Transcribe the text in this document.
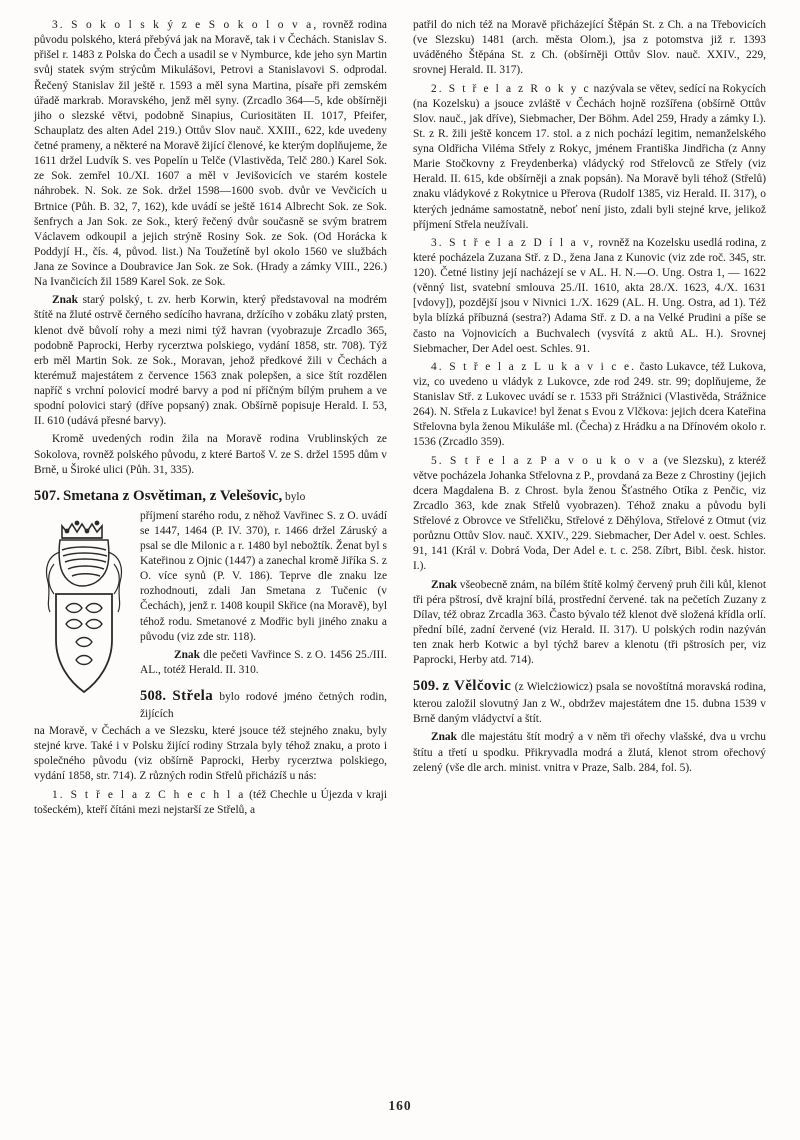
3. S o k o l s k ý z e S o k o l o v a, rovněž rodina původu polského, která přebývá jak na Moravě, tak i v Čechách. Stanislav S. přišel r. 1483 z Polska do Čech a usadil se v Nymburce, kde jeho syn Martin svůj statek svým strýcům Mikulášovi, Petrovi a Stanislavovi S. odprodal. Řečený Stanislav žil ještě r. 1593 a měl syna Martina, písaře při zemském úřadě markrab. Moravského, jenž měl syny. (Zrcadlo 364—5, kde obšírněji jiho o slezské větvi, podobně Sinapius, Curiositäten II. 1017, Pfeifer, Schauplatz des alten Adel 219.) Ottův Slov nauč. XXIII., 622, kde uvedeny četné prameny, a některé na Moravě žijící členové, ke kterým doplňujeme, že 1611 držel Ludvík S. ves Popelín u Telče (Vlastivěda, Telč 280.) Karel Sok. ze Sok. zemřel 10./XI. 1607 a měl v Jevišovicích ve starém kostele náhrobek. N. Sok. ze Sok. držel 1598—1600 svob. dvůr ve Vevčicích u Brtnice (Půh. B. 32, 7, 162), kde uvádí se ještě 1614 Albrecht Sok. ze Sok. šenfrych a Jan Sok. ze Sok., který řečený dvůr současně se svým bratrem Václavem odkoupil a jejich strýně Rosiny Sok. ze Sok. (Od Horácka k Poddyjí H., čís. 4, původ. list.) Na Toužetíně byl okolo 1560 ve službách Jana ze Sovince a Doubravice Jan Sok. ze Sok. (Hrady a zámky VIII., 226.) Na Ivančicích žil 1589 Karel Sok. ze Sok.

Znak starý polský, t. zv. herb Korwin, který představoval na modrém štítě na žluté ostrvě černého sedícího havrana, držícího v zobáku zlatý prsten, klenot dvě bůvolí rohy a mezi nimi týž havran (vyobrazuje Zrcadlo 365, podobně Paprocki, Herby rycerztwa polskiego, vydání 1858, str. 708). Týž erb měl Martin Sok. ze Sok., Moravan, jehož předkové žili v Čechách a kterémuž majestátem z července 1563 znak polepšen, a sice štít rozdělen napříč s vrchní polovicí modré barvy a pod ní příčným bílým pruhem a ve spodní polovici starý (dříve popsaný) znak. Obšírně popisuje Herald. I. 53, II. 610 (udává přesné barvy).

Kromě uvedených rodin žila na Moravě rodina Vrublinských ze Sokolova, rovněž polského původu, z které Bartoš V. ze S. držel 1595 dům v Brně, u Široké ulici (Půh. 31, 335).

507. Smetana z Osvětiman, z Velešovic, bylo

příjmení starého rodu, z něhož Vavřinec S. z O. uvádí se 1447, 1464 (P. IV. 370), r. 1466 držel Záruský a psal se dle Milonic a r. 1480 byl nebožtík. Ženat byl s Kateřinou z Ojnic (1447) a zanechal kromě Jiříka S. z O. více synů (P. V. 186). Teprve dle znaku lze rozhodnouti, zdali Jan Smetana z Tučenic (v Čechách), jenž r. 1408 koupil Skřice (na Moravě), byl téhož rodu. Smetanové z Modřic byli jiného znaku a původu (viz zde str. 118).

Znak dle pečeti Vavřince S. z O. 1456 25./III. AL., totéž Herald. II. 310.

508. Střela bylo rodové jméno četných rodin, žijících

na Moravě, v Čechách a ve Slezsku, které jsouce též stejného znaku, byly stejné krve. Také i v Polsku žijící rodiny Strzala byly téhož znaku, a proto i společného původu (viz obšírně Paprocki, Herby rycerztwa polskiego, vydání 1858, str. 714). Z různých rodin Střelů přicházíš u nás:

1. S t ř e l a z C h e c h l a (též Chechle u Újezda v kraji tošeckém), kteří čítáni mezi nejstarší ze Střelů, a

patřil do nich též na Moravě přicházející Štěpán St. z Ch. a na Třebovicích (ve Slezsku) 1481 (arch. města Olom.), jsa z potomstva již r. 1393 uváděného Štěpána St. z Ch. (obšírněji Ottův Slov. nauč. XXIV., 229, srovnej Herald. II. 317).

2. S t ř e l a z R o k y c nazývala se větev, sedící na Rokycích (na Kozelsku) a jsouce zvláště v Čechách hojně rozšířena (obšírně Ottův Slov. nauč., jak dříve), Siebmacher, Der Böhm. Adel 259, Hrady a zámky I.). St. z R. žili ještě koncem 17. stol. a z nich pochází legitim, nemanželského syna Oldřicha Viléma Střely z Rokyc, jménem Františka Jindřicha (z Anny Marie Stočkovny z Freydenberka) vládycký rod Střelovců ze Střely (viz Herald. II. 615, kde obšírněji a znak popsán). Na Moravě byli téhož (Střelů) znaku vládykové z Rokytnice u Přerova (Rudolf 1385, viz Herald. II. 317), o kterých jednáme samostatně, neboť není jisto, zdali byli stejné krve, jelikož příjmení Střela neužívali.

3. S t ř e l a z D í l a v, rovněž na Kozelsku usedlá rodina, z které pocházela Zuzana Stř. z D., žena Jana z Kunovic (viz zde roč. 345, str. 120). Četné listiny její nacházejí se v AL. H. N.—O. Ung. Ostra 1, — 1622 (věnný list, svatební smlouva 25./II. 1610, akta 28./X. 1623, 4./X. 1631 [vdovy]), pozdější jsou v Nivnici 1./X. 1629 (AL. H. Ung. Ostra, ad 1). Též byla blízká příbuzná (sestra?) Adama Stř. z D. a na Velké Prudini a píše se často na Vojnovicích a Buchvalech (vysvítá z aktů AL. H.). Srovnej Siebmacher, Der Adel oest. Schles. 91.

4. S t ř e l a z L u k a v i c e. často Lukavce, též Lukova, viz, co uvedeno u vládyk z Lukovce, zde rod 249. str. 99; doplňujeme, že Stanislav Stř. z Lukovec uvádí se r. 1533 při Strážnici (Vlastivěda, Strážnice 264). N. Střela z Lukavice! byl ženat s Evou z Vlčkova: jejich dcera Kateřina Střelovna byla ženou Mikuláše ml. (Čecha) z Hrádku a na Dřínovém okolo r. 1536 (Zrcadlo 359).

5. S t ř e l a z P a v o u k o v a (ve Slezsku), z kteréž větve pocházela Johanka Střelovna z P., provdaná za Beze z Chrostiny (jejich dcera Magdalena B. z Chrost. byla ženou Šťastného Otíka z Penčic, viz Zrcadlo 363, kde znak Střelů vyobrazen). Téhož znaku a původu byli Střelové z Obrovce ve Střeličku, Střelové z Děhýlova, Střelové z Otmut (viz porůznu Ottův Slov. nauč. XXIV., 229. Siebmacher, Der Adel v. oest. Schles. 91, 141 (Král v. Dobrá Voda, Der Adel e. t. c. 258. Zíbrt, Bibl. česk. histor. I.).

Znak všeobecně znám, na bílém štítě kolmý červený pruh čili kůl, klenot tři péra pštrosí, dvě krajní bílá, prostřední červené. tak na pečetích Zuzany z Dílav, též obraz Zrcadla 363. Často bývalo též klenot dvě složená křídla orlí. přední bílé, zadní červené (viz Herald. II. 317). U polských rodin nazýván ten znak herb Kotwic a byl týchž barev a klenotu (tři pštrosích per, viz Paprocki, Herby atd. 714).

509. z Vělčovic (z Wielcżiowicz) psala se novoštítná moravská rodina, kterou založil slovutný Jan z W., obdržev majestátem dne 15. dubna 1539 v Brně daným vládyctví a štít.

Znak dle majestátu štít modrý a v něm tři ořechy vlašské, dva u vrchu štítu a třetí u spodku. Přikryvadla modrá a žlutá, klenot strom ořechový zelený (vše dle arch. minist. vnitra v Praze, Salb. 284, fol. 5).

160
